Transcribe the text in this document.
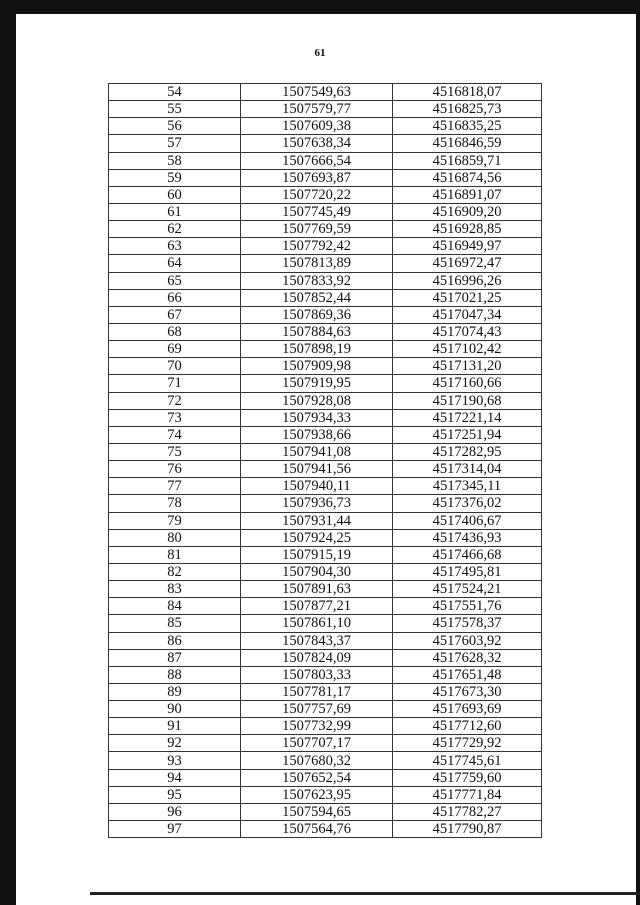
61
54	1507549,63	4516818,07
55	1507579,77	4516825,73
56	1507609,38	4516835,25
57	1507638,34	4516846,59
58	1507666,54	4516859,71
59	1507693,87	4516874,56
60	1507720,22	4516891,07
61	1507745,49	4516909,20
62	1507769,59	4516928,85
63	1507792,42	4516949,97
64	1507813,89	4516972,47
65	1507833,92	4516996,26
66	1507852,44	4517021,25
67	1507869,36	4517047,34
68	1507884,63	4517074,43
69	1507898,19	4517102,42
70	1507909,98	4517131,20
71	1507919,95	4517160,66
72	1507928,08	4517190,68
73	1507934,33	4517221,14
74	1507938,66	4517251,94
75	1507941,08	4517282,95
76	1507941,56	4517314,04
77	1507940,11	4517345,11
78	1507936,73	4517376,02
79	1507931,44	4517406,67
80	1507924,25	4517436,93
81	1507915,19	4517466,68
82	1507904,30	4517495,81
83	1507891,63	4517524,21
84	1507877,21	4517551,76
85	1507861,10	4517578,37
86	1507843,37	4517603,92
87	1507824,09	4517628,32
88	1507803,33	4517651,48
89	1507781,17	4517673,30
90	1507757,69	4517693,69
91	1507732,99	4517712,60
92	1507707,17	4517729,92
93	1507680,32	4517745,61
94	1507652,54	4517759,60
95	1507623,95	4517771,84
96	1507594,65	4517782,27
97	1507564,76	4517790,87
